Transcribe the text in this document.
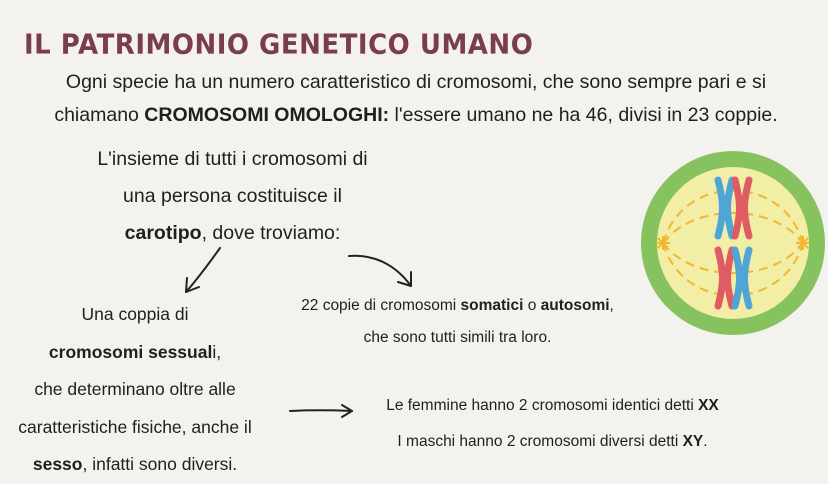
IL PATRIMONIO GENETICO UMANO
Ogni specie ha un numero caratteristico di cromosomi, che sono sempre pari e si
chiamano CROMOSOMI OMOLOGHI: l'essere umano ne ha 46, divisi in 23 coppie.
L'insieme di tutti i cromosomi di
una persona costituisce il
carotipo, dove troviamo:
22 copie di cromosomi somatici o autosomi,
che sono tutti simili tra loro.
Una coppia di
cromosomi sessuali,
che determinano oltre alle
caratteristiche fisiche, anche il
sesso, infatti sono diversi.
Le femmine hanno 2 cromosomi identici detti XX
I maschi hanno 2 cromosomi diversi detti XY.
